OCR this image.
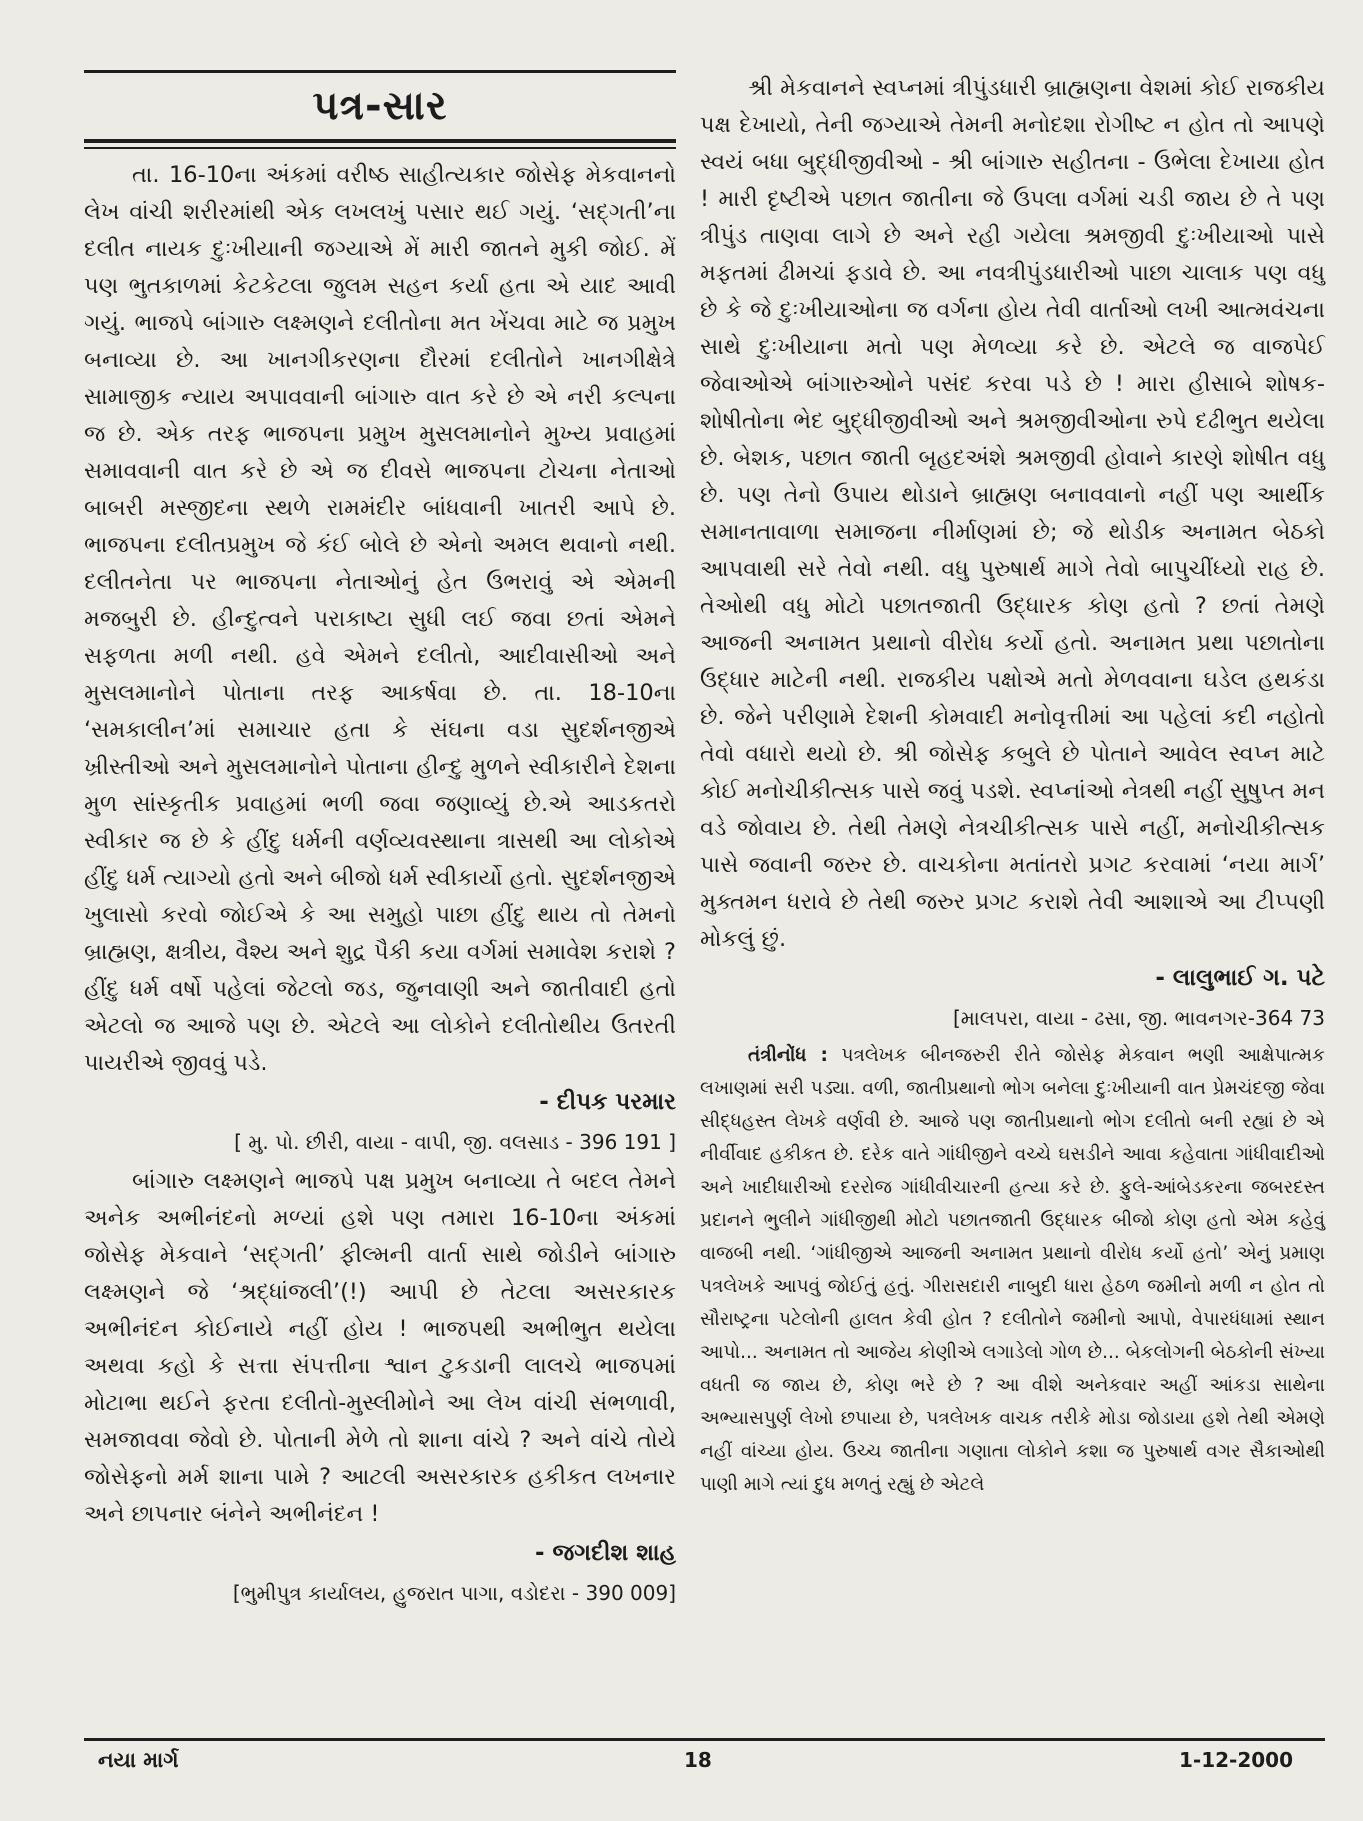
પત્ર-સાર

તા. 16-10ના અંકમાં વરીષ્ઠ સાહીત્યકાર જોસેફ મેકવાનનો લેખ વાંચી શરીરમાંથી એક લખલખું પસાર થઈ ગયું. ‘સદ્‌ગતી’ના દલીત નાયક દુઃખીયાની જગ્યાએ મેં મારી જાતને મુકી જોઈ. મેં પણ ભુતકાળમાં કેટકેટલા જુલમ સહન કર્યા હતા એ યાદ આવી ગયું. ભાજપે બાંગારુ લક્ષ્મણને દલીતોના મત ખેંચવા માટે જ પ્રમુખ બનાવ્યા છે. આ ખાનગીકરણના દૌરમાં દલીતોને ખાનગીક્ષેત્રે સામાજીક ન્યાય અપાવવાની બાંગારુ વાત કરે છે એ નરી કલ્પના જ છે. એક તરફ ભાજપના પ્રમુખ મુસલમાનોને મુખ્ય પ્રવાહમાં સમાવવાની વાત કરે છે એ જ દીવસે ભાજપના ટોચના નેતાઓ બાબરી મસ્જીદના સ્થળે રામમંદીર બાંધવાની ખાતરી આપે છે. ભાજપના દલીતપ્રમુખ જે કંઈ બોલે છે એનો અમલ થવાનો નથી. દલીતનેતા પર ભાજપના નેતાઓનું હેત ઉભરાવું એ એમની મજબુરી છે. હીન્દુત્વને પરાકાષ્ટા સુધી લઈ જવા છતાં એમને સફળતા મળી નથી. હવે એમને દલીતો, આદીવાસીઓ અને મુસલમાનોને પોતાના તરફ આકર્ષવા છે. તા. 18-10ના ‘સમકાલીન’માં સમાચાર હતા કે સંઘના વડા સુદર્શનજીએ ખ્રીસ્તીઓ અને મુસલમાનોને પોતાના હીન્દુ મુળને સ્વીકારીને દેશના મુળ સાંસ્કૃતીક પ્રવાહમાં ભળી જવા જણાવ્યું છે.એ આડકતરો સ્વીકાર જ છે કે હીંદુ ધર્મની વર્ણવ્યવસ્થાના ત્રાસથી આ લોકોએ હીંદુ ધર્મ ત્યાગ્યો હતો અને બીજો ધર્મ સ્વીકાર્યો હતો. સુદર્શનજીએ ખુલાસો કરવો જોઈએ કે આ સમુહો પાછા હીંદુ થાય તો તેમનો બ્રાહ્મણ, ક્ષત્રીય, વૈશ્ય અને શુદ્ર પૈકી કયા વર્ગમાં સમાવેશ કરાશે ? હીંદુ ધર્મ વર્ષો પહેલાં જેટલો જડ, જુનવાણી અને જાતીવાદી હતો એટલો જ આજે પણ છે. એટલે આ લોકોને દલીતોથીય ઉતરતી પાયરીએ જીવવું પડે.

- દીપક પરમાર
[ મુ. પો. છીરી, વાયા - વાપી, જી. વલસાડ - 396 191 ]

બાંગારુ લક્ષ્મણને ભાજપે પક્ષ પ્રમુખ બનાવ્યા તે બદલ તેમને અનેક અભીનંદનો મળ્યાં હશે પણ તમારા 16-10ના અંકમાં જોસેફ મેકવાને ‘સદ્‌ગતી’ ફીલ્મની વાર્તા સાથે જોડીને બાંગારુ લક્ષ્મણને જે ‘શ્રદ્ધાંજલી’(!) આપી છે તેટલા અસરકારક અભીનંદન કોઈનાયે નહીં હોય ! ભાજપથી અભીભુત થયેલા અથવા કહો કે સત્તા સંપત્તીના શ્વાન ટુકડાની લાલચે ભાજપમાં મોટાભા થઈને ફરતા દલીતો-મુસ્લીમોને આ લેખ વાંચી સંભળાવી, સમજાવવા જેવો છે. પોતાની મેળે તો શાના વાંચે ? અને વાંચે તોયે જોસેફનો મર્મ શાના પામે ? આટલી અસરકારક હકીકત લખનાર અને છાપનાર બંનેને અભીનંદન !

- જગદીશ શાહ
[ભુમીપુત્ર કાર્યાલય, હુજરાત પાગા, વડોદરા - 390 009]

શ્રી મેકવાનને સ્વપ્નમાં ત્રીપુંડધારી બ્રાહ્મણના વેશમાં કોઈ રાજકીય પક્ષ દેખાયો, તેની જગ્યાએ તેમની મનોદશા રોગીષ્ટ ન હોત તો આપણે સ્વયં બધા બુદ્ધીજીવીઓ - શ્રી બાંગારુ સહીતના - ઉભેલા દેખાયા હોત ! મારી દૃષ્ટીએ પછાત જાતીના જે ઉપલા વર્ગમાં ચડી જાય છે તે પણ ત્રીપુંડ તાણવા લાગે છે અને રહી ગયેલા શ્રમજીવી દુઃખીયાઓ પાસે મફતમાં ઢીમચાં ફડાવે છે. આ નવત્રીપુંડધારીઓ પાછા ચાલાક પણ વધુ છે કે જે દુઃખીયાઓના જ વર્ગના હોય તેવી વાર્તાઓ લખી આત્મવંચના સાથે દુઃખીયાના મતો પણ મેળવ્યા કરે છે. એટલે જ વાજપેઈ જેવાઓએ બાંગારુઓને પસંદ કરવા પડે છે ! મારા હીસાબે શોષક-શોષીતોના ભેદ બુદ્ધીજીવીઓ અને શ્રમજીવીઓના રુપે દઢીભુત થયેલા છે. બેશક, પછાત જાતી બૃહદઅંશે શ્રમજીવી હોવાને કારણે શોષીત વધુ છે. પણ તેનો ઉપાય થોડાને બ્રાહ્મણ બનાવવાનો નહીં પણ આર્થીક સમાનતાવાળા સમાજના નીર્માણમાં છે; જે થોડીક અનામત બેઠકો આપવાથી સરે તેવો નથી. વધુ પુરુષાર્થ માગે તેવો બાપુચીંધ્યો રાહ છે. તેઓથી વધુ મોટો પછાતજાતી ઉદ્ધારક કોણ હતો ? છતાં તેમણે આજની અનામત પ્રથાનો વીરોધ કર્યો હતો. અનામત પ્રથા પછાતોના ઉદ્ધાર માટેની નથી. રાજકીય પક્ષોએ મતો મેળવવાના ઘડેલ હથકંડા છે. જેને પરીણામે દેશની કોમવાદી મનોવૃત્તીમાં આ પહેલાં કદી નહોતો તેવો વધારો થયો છે. શ્રી જોસેફ કબુલે છે પોતાને આવેલ સ્વપ્ન માટે કોઈ મનોચીકીત્સક પાસે જવું પડશે. સ્વપ્નાંઓ નેત્રથી નહીં સુષુપ્ત મન વડે જોવાય છે. તેથી તેમણે નેત્રચીકીત્સક પાસે નહીં, મનોચીકીત્સક પાસે જવાની જરુર છે. વાચકોના મતાંતરો પ્રગટ કરવામાં ‘નયા માર્ગ’ મુક્તમન ધરાવે છે તેથી જરુર પ્રગટ કરાશે તેવી આશાએ આ ટીપ્પણી મોકલું છું.

- લાલુભાઈ ગ. પટે
[માલપરા, વાયા - ઢસા, જી. ભાવનગર-364 73

તંત્રીનોંધ : પત્રલેખક બીનજરુરી રીતે જોસેફ મેકવાન ભણી આક્ષેપાત્મક લખાણમાં સરી પડ્યા. વળી, જાતીપ્રથાનો ભોગ બનેલા દુઃખીયાની વાત પ્રેમચંદજી જેવા સીદ્ધહસ્ત લેખકે વર્ણવી છે. આજે પણ જાતીપ્રથાનો ભોગ દલીતો બની રહ્યાં છે એ નીર્વીવાદ હકીકત છે. દરેક વાતે ગાંધીજીને વચ્ચે ઘસડીને આવા કહેવાતા ગાંધીવાદીઓ અને ખાદીધારીઓ દરરોજ ગાંધીવીચારની હત્યા કરે છે. ફુલે-આંબેડકરના જબરદસ્ત પ્રદાનને ભુલીને ગાંધીજીથી મોટો પછાતજાતી ઉદ્ધારક બીજો કોણ હતો એમ કહેવું વાજબી નથી. ‘ગાંધીજીએ આજની અનામત પ્રથાનો વીરોધ કર્યો હતો’ એનું પ્રમાણ પત્રલેખકે આપવું જોઈતું હતું. ગીરાસદારી નાબુદી ધારા હેઠળ જમીનો મળી ન હોત તો સૌરાષ્ટ્રના પટેલોની હાલત કેવી હોત ? દલીતોને જમીનો આપો, વેપારધંધામાં સ્થાન આપો... અનામત તો આજેય કોણીએ લગાડેલો ગોળ છે... બેકલોગની બેઠકોની સંખ્યા વધતી જ જાય છે, કોણ ભરે છે ? આ વીશે અનેકવાર અહીં આંકડા સાથેના અભ્યાસપુર્ણ લેખો છપાયા છે, પત્રલેખક વાચક તરીકે મોડા જોડાયા હશે તેથી એમણે નહીં વાંચ્યા હોય. ઉચ્ચ જાતીના ગણાતા લોકોને કશા જ પુરુષાર્થ વગર સૈકાઓથી પાણી માગે ત્યાં દુધ મળતું રહ્યું છે એટલે

નયા માર્ગ	18	1-12-2000
